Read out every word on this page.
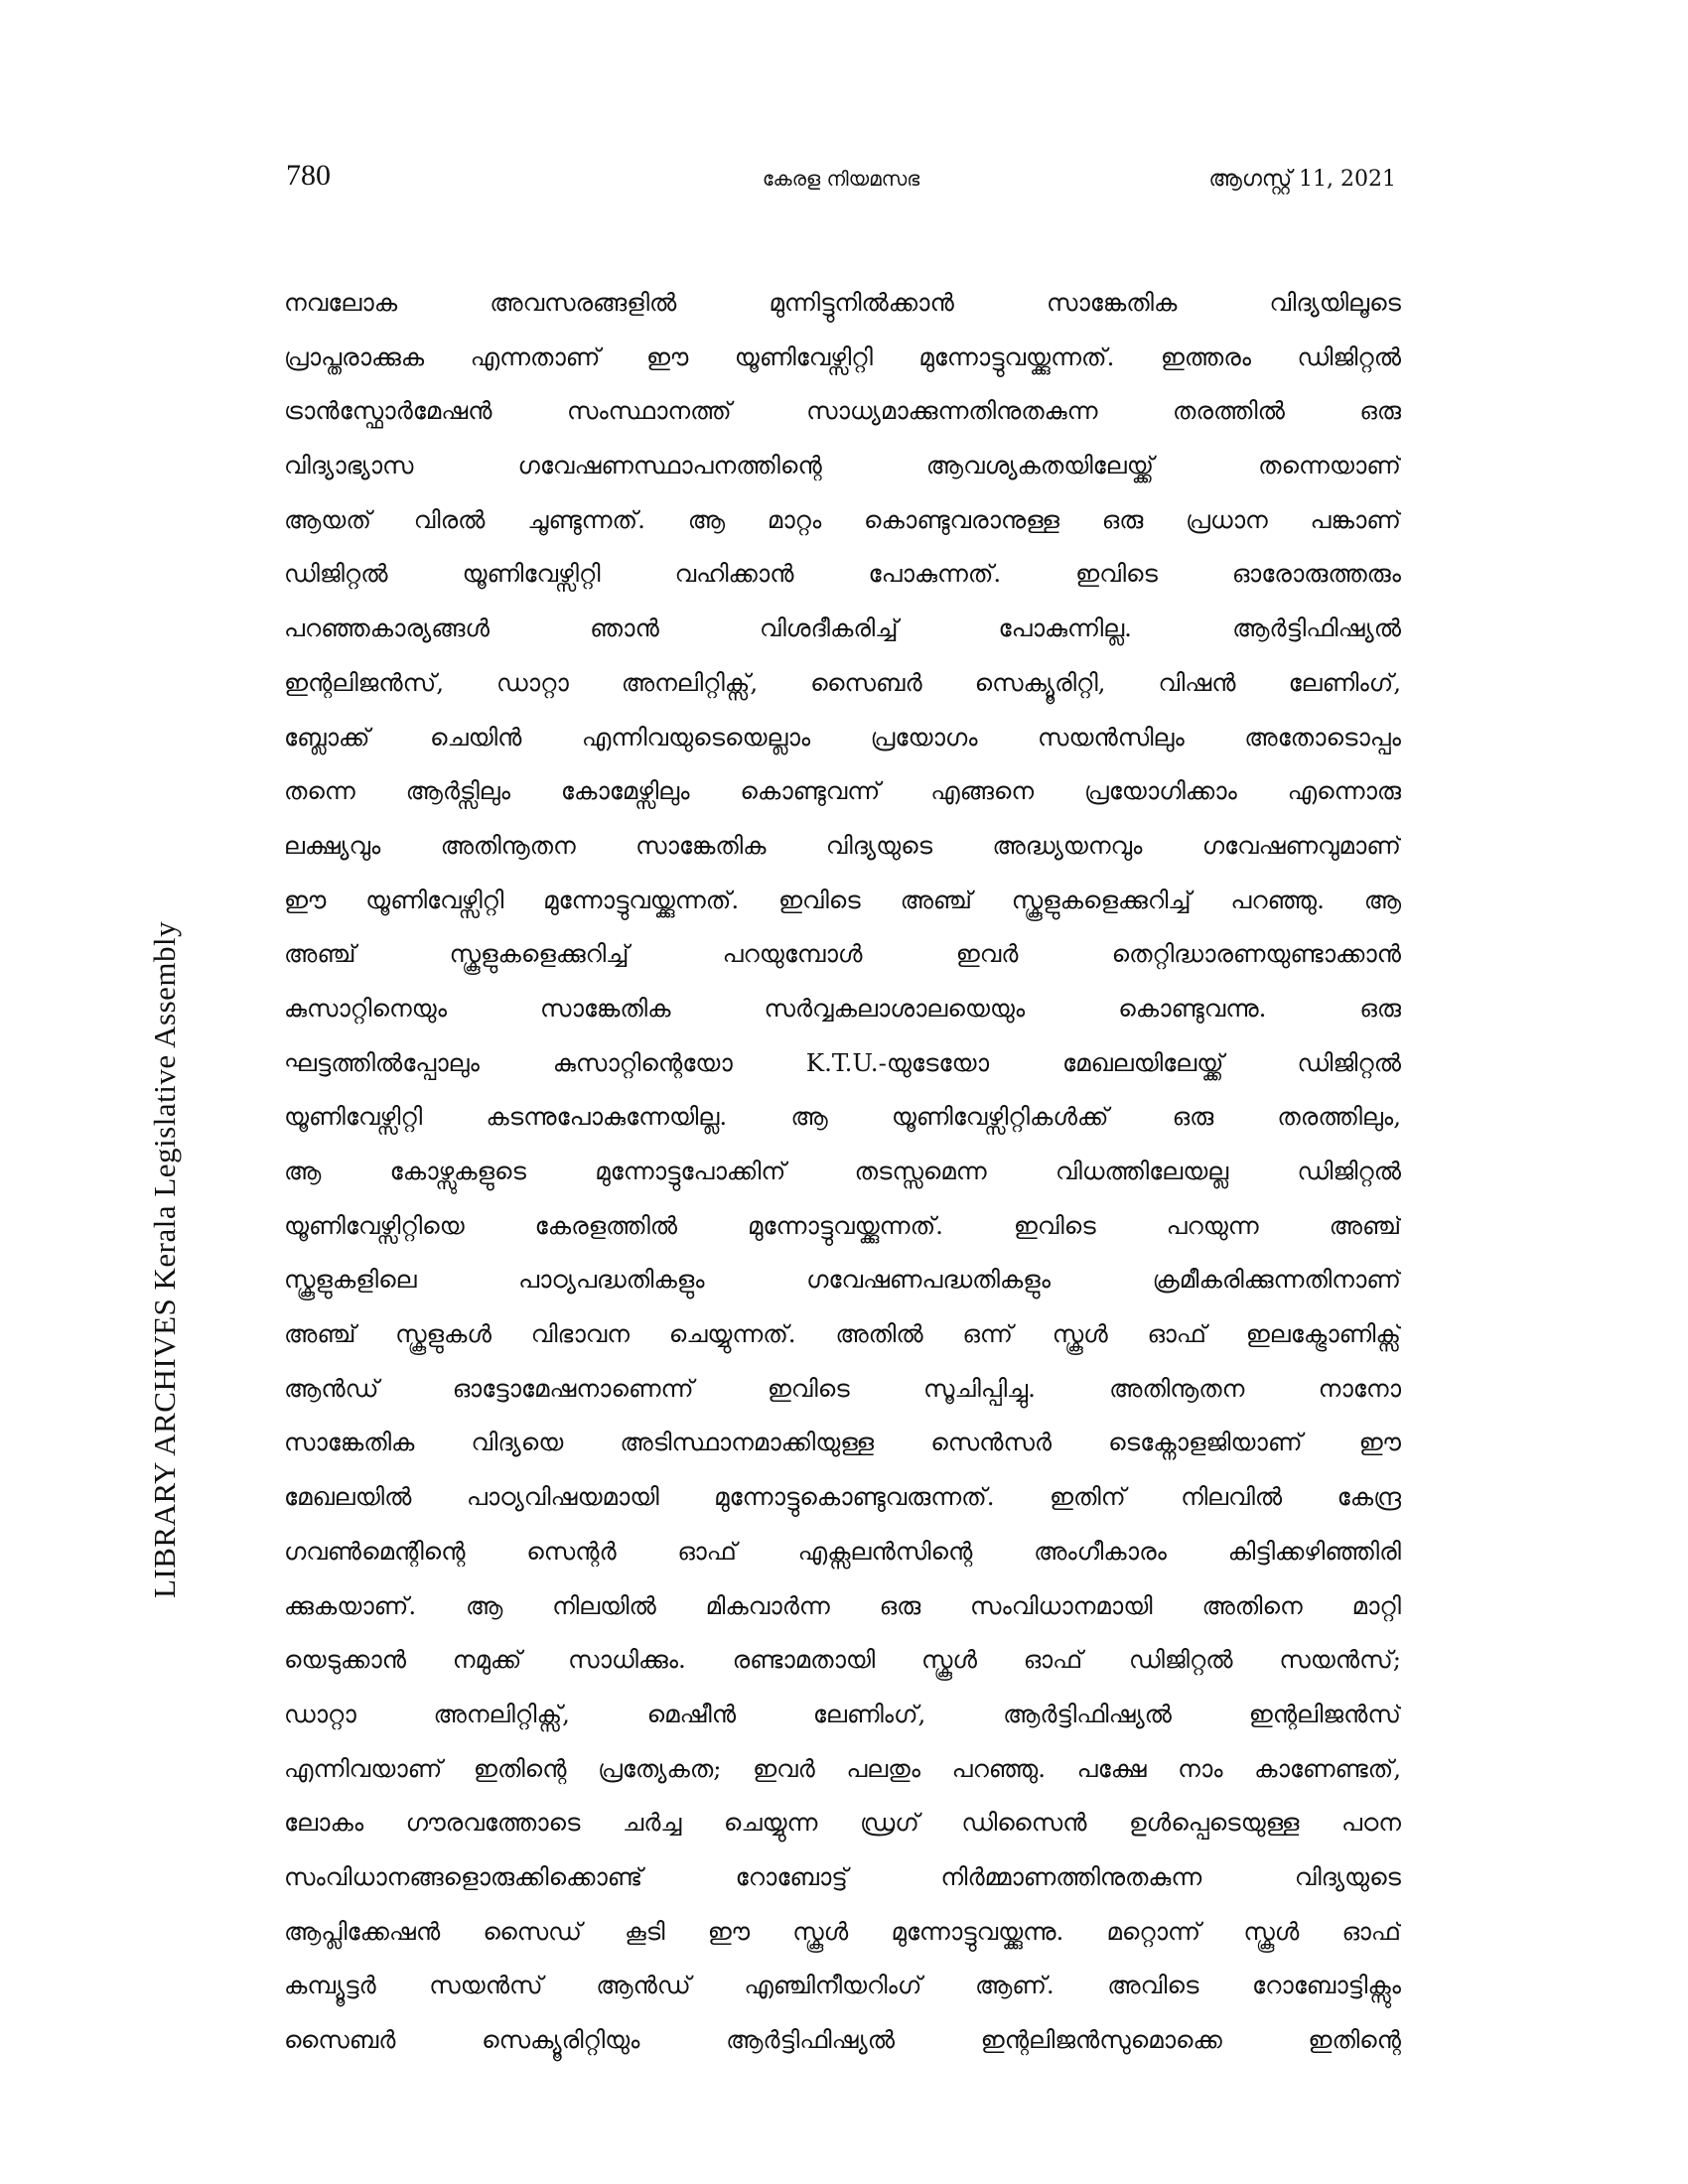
780	കേരള നിയമസഭ	ആഗസ്റ്റ് 11, 2021
LIBRARY ARCHIVES Kerala Legislative Assembly
നവലോക അവസരങ്ങളിൽ മുന്നിട്ടുനിൽക്കാൻ സാങ്കേതിക വിദ്യയിലൂടെ
പ്രാപ്തരാക്കുക എന്നതാണ് ഈ യൂണിവേഴ്സിറ്റി മുന്നോട്ടുവയ്ക്കുന്നത്. ഇത്തരം ഡിജിറ്റൽ
ട്രാൻസ്ഫോർമേഷൻ സംസ്ഥാനത്ത് സാധ്യമാക്കുന്നതിനുതകുന്ന തരത്തിൽ ഒരു
വിദ്യാഭ്യാസ ഗവേഷണസ്ഥാപനത്തിന്റെ ആവശ്യകതയിലേയ്ക്ക് തന്നെയാണ്
ആയത് വിരൽ ചൂണ്ടുന്നത്. ആ മാറ്റം കൊണ്ടുവരാനുള്ള ഒരു പ്രധാന പങ്കാണ്
ഡിജിറ്റൽ യൂണിവേഴ്സിറ്റി വഹിക്കാൻ പോകുന്നത്. ഇവിടെ ഓരോരുത്തരും
പറഞ്ഞകാര്യങ്ങൾ ഞാൻ വിശദീകരിച്ച് പോകുന്നില്ല. ആർട്ടിഫിഷ്യൽ
ഇന്റലിജൻസ്, ഡാറ്റാ അനലിറ്റിക്സ്, സൈബർ സെക്യൂരിറ്റി, വിഷൻ ലേണിംഗ്,
ബ്ലോക്ക് ചെയിൻ എന്നിവയുടെയെല്ലാം പ്രയോഗം സയൻസിലും അതോടൊപ്പം
തന്നെ ആർട്സിലും കോമേഴ്സിലും കൊണ്ടുവന്ന് എങ്ങനെ പ്രയോഗിക്കാം എന്നൊരു
ലക്ഷ്യവും അതിനൂതന സാങ്കേതിക വിദ്യയുടെ അദ്ധ്യയനവും ഗവേഷണവുമാണ്
ഈ യൂണിവേഴ്സിറ്റി മുന്നോട്ടുവയ്ക്കുന്നത്. ഇവിടെ അഞ്ച് സ്കൂളുകളെക്കുറിച്ച് പറഞ്ഞു. ആ
അഞ്ച് സ്കൂളുകളെക്കുറിച്ച് പറയുമ്പോൾ ഇവർ തെറ്റിദ്ധാരണയുണ്ടാക്കാൻ
കുസാറ്റിനെയും സാങ്കേതിക സർവ്വകലാശാലയെയും കൊണ്ടുവന്നു. ഒരു
ഘട്ടത്തിൽപ്പോലും കുസാറ്റിന്റെയോ K.T.U.-യുടേയോ മേഖലയിലേയ്ക്ക് ഡിജിറ്റൽ
യൂണിവേഴ്സിറ്റി കടന്നുപോകുന്നേയില്ല. ആ യൂണിവേഴ്സിറ്റികൾക്ക് ഒരു തരത്തിലും,
ആ കോഴ്സുകളുടെ മുന്നോട്ടുപോക്കിന് തടസ്സമെന്ന വിധത്തിലേയല്ല ഡിജിറ്റൽ
യൂണിവേഴ്സിറ്റിയെ കേരളത്തിൽ മുന്നോട്ടുവയ്ക്കുന്നത്. ഇവിടെ പറയുന്ന അഞ്ച്
സ്കൂളുകളിലെ പാഠ്യപദ്ധതികളും ഗവേഷണപദ്ധതികളും ക്രമീകരിക്കുന്നതിനാണ്
അഞ്ച് സ്കൂളുകൾ വിഭാവന ചെയ്യുന്നത്. അതിൽ ഒന്ന് സ്കൂൾ ഓഫ് ഇലക്ട്രോണിക്സ്
ആൻഡ് ഓട്ടോമേഷനാണെന്ന് ഇവിടെ സൂചിപ്പിച്ചു. അതിനൂതന നാനോ
സാങ്കേതിക വിദ്യയെ അടിസ്ഥാനമാക്കിയുള്ള സെൻസർ ടെക്നോളജിയാണ് ഈ
മേഖലയിൽ പാഠ്യവിഷയമായി മുന്നോട്ടുകൊണ്ടുവരുന്നത്. ഇതിന് നിലവിൽ കേന്ദ്ര
ഗവൺമെന്റിന്റെ സെന്റർ ഓഫ് എക്സലൻസിന്റെ അംഗീകാരം കിട്ടിക്കഴിഞ്ഞിരി
ക്കുകയാണ്. ആ നിലയിൽ മികവാർന്ന ഒരു സംവിധാനമായി അതിനെ മാറ്റി
യെടുക്കാൻ നമുക്ക് സാധിക്കും. രണ്ടാമതായി സ്കൂൾ ഓഫ് ഡിജിറ്റൽ സയൻസ്;
ഡാറ്റാ അനലിറ്റിക്സ്, മെഷീൻ ലേണിംഗ്, ആർട്ടിഫിഷ്യൽ ഇന്റലിജൻസ്
എന്നിവയാണ് ഇതിന്റെ പ്രത്യേകത; ഇവർ പലതും പറഞ്ഞു. പക്ഷേ നാം കാണേണ്ടത്,
ലോകം ഗൗരവത്തോടെ ചർച്ച ചെയ്യുന്ന ഡ്രഗ് ഡിസൈൻ ഉൾപ്പെടെയുള്ള പഠന
സംവിധാനങ്ങളൊരുക്കിക്കൊണ്ട് റോബോട്ട് നിർമ്മാണത്തിനുതകുന്ന വിദ്യയുടെ
ആപ്ലിക്കേഷൻ സൈഡ് കൂടി ഈ സ്കൂൾ മുന്നോട്ടുവയ്ക്കുന്നു. മറ്റൊന്ന് സ്കൂൾ ഓഫ്
കമ്പ്യൂട്ടർ സയൻസ് ആൻഡ് എഞ്ചിനീയറിംഗ് ആണ്. അവിടെ റോബോട്ടിക്സും
സൈബർ സെക്യൂരിറ്റിയും ആർട്ടിഫിഷ്യൽ ഇന്റലിജൻസുമൊക്കെ ഇതിന്റെ
